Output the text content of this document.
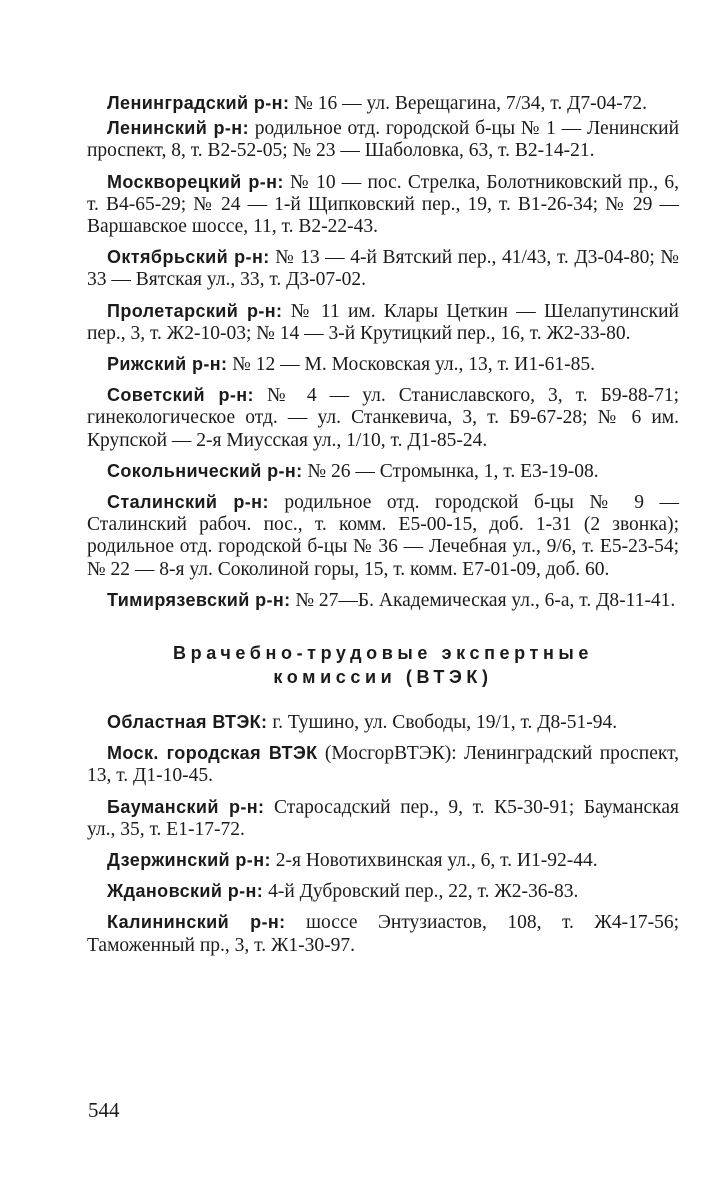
Ленинградский р-н: № 16 — ул. Верещагина, 7/34, т. Д7-04-72.

Ленинский р-н: родильное отд. городской б-цы № 1 — Ленинский проспект, 8, т. В2-52-05; № 23 — Шаболовка, 63, т. В2-14-21.

Москворецкий р-н: № 10 — пос. Стрелка, Болотниковский пр., 6, т. В4-65-29; № 24 — 1-й Щипковский пер., 19, т. В1-26-34; № 29 — Варшавское шоссе, 11, т. В2-22-43.

Октябрьский р-н: № 13 — 4-й Вятский пер., 41/43, т. Д3-04-80; № 33 — Вятская ул., 33, т. Д3-07-02.

Пролетарский р-н: № 11 им. Клары Цеткин — Шелапутинский пер., 3, т. Ж2-10-03; № 14 — 3-й Крутицкий пер., 16, т. Ж2-33-80.

Рижский р-н: № 12 — М. Московская ул., 13, т. И1-61-85.

Советский р-н: № 4 — ул. Станиславского, 3, т. Б9-88-71; гинекологическое отд. — ул. Станкевича, 3, т. Б9-67-28; № 6 им. Крупской — 2-я Миусская ул., 1/10, т. Д1-85-24.

Сокольнический р-н: № 26 — Стромынка, 1, т. Е3-19-08.

Сталинский р-н: родильное отд. городской б-цы № 9 — Сталинский рабоч. пос., т. комм. Е5-00-15, доб. 1-31 (2 звонка); родильное отд. городской б-цы № 36 — Лечебная ул., 9/6, т. Е5-23-54; № 22 — 8-я ул. Соколиной горы, 15, т. комм. Е7-01-09, доб. 60.

Тимирязевский р-н: № 27—Б. Академическая ул., 6-а, т. Д8-11-41.

Врачебно-трудовые экспертные
комиссии (ВТЭК)

Областная ВТЭК: г. Тушино, ул. Свободы, 19/1, т. Д8-51-94.

Моск. городская ВТЭК (МосгорВТЭК): Ленинградский проспект, 13, т. Д1-10-45.

Бауманский р-н: Старосадский пер., 9, т. К5-30-91; Бауманская ул., 35, т. Е1-17-72.

Дзержинский р-н: 2-я Новотихвинская ул., 6, т. И1-92-44.

Ждановский р-н: 4-й Дубровский пер., 22, т. Ж2-36-83.

Калининский р-н: шоссе Энтузиастов, 108, т. Ж4-17-56; Таможенный пр., 3, т. Ж1-30-97.

544
